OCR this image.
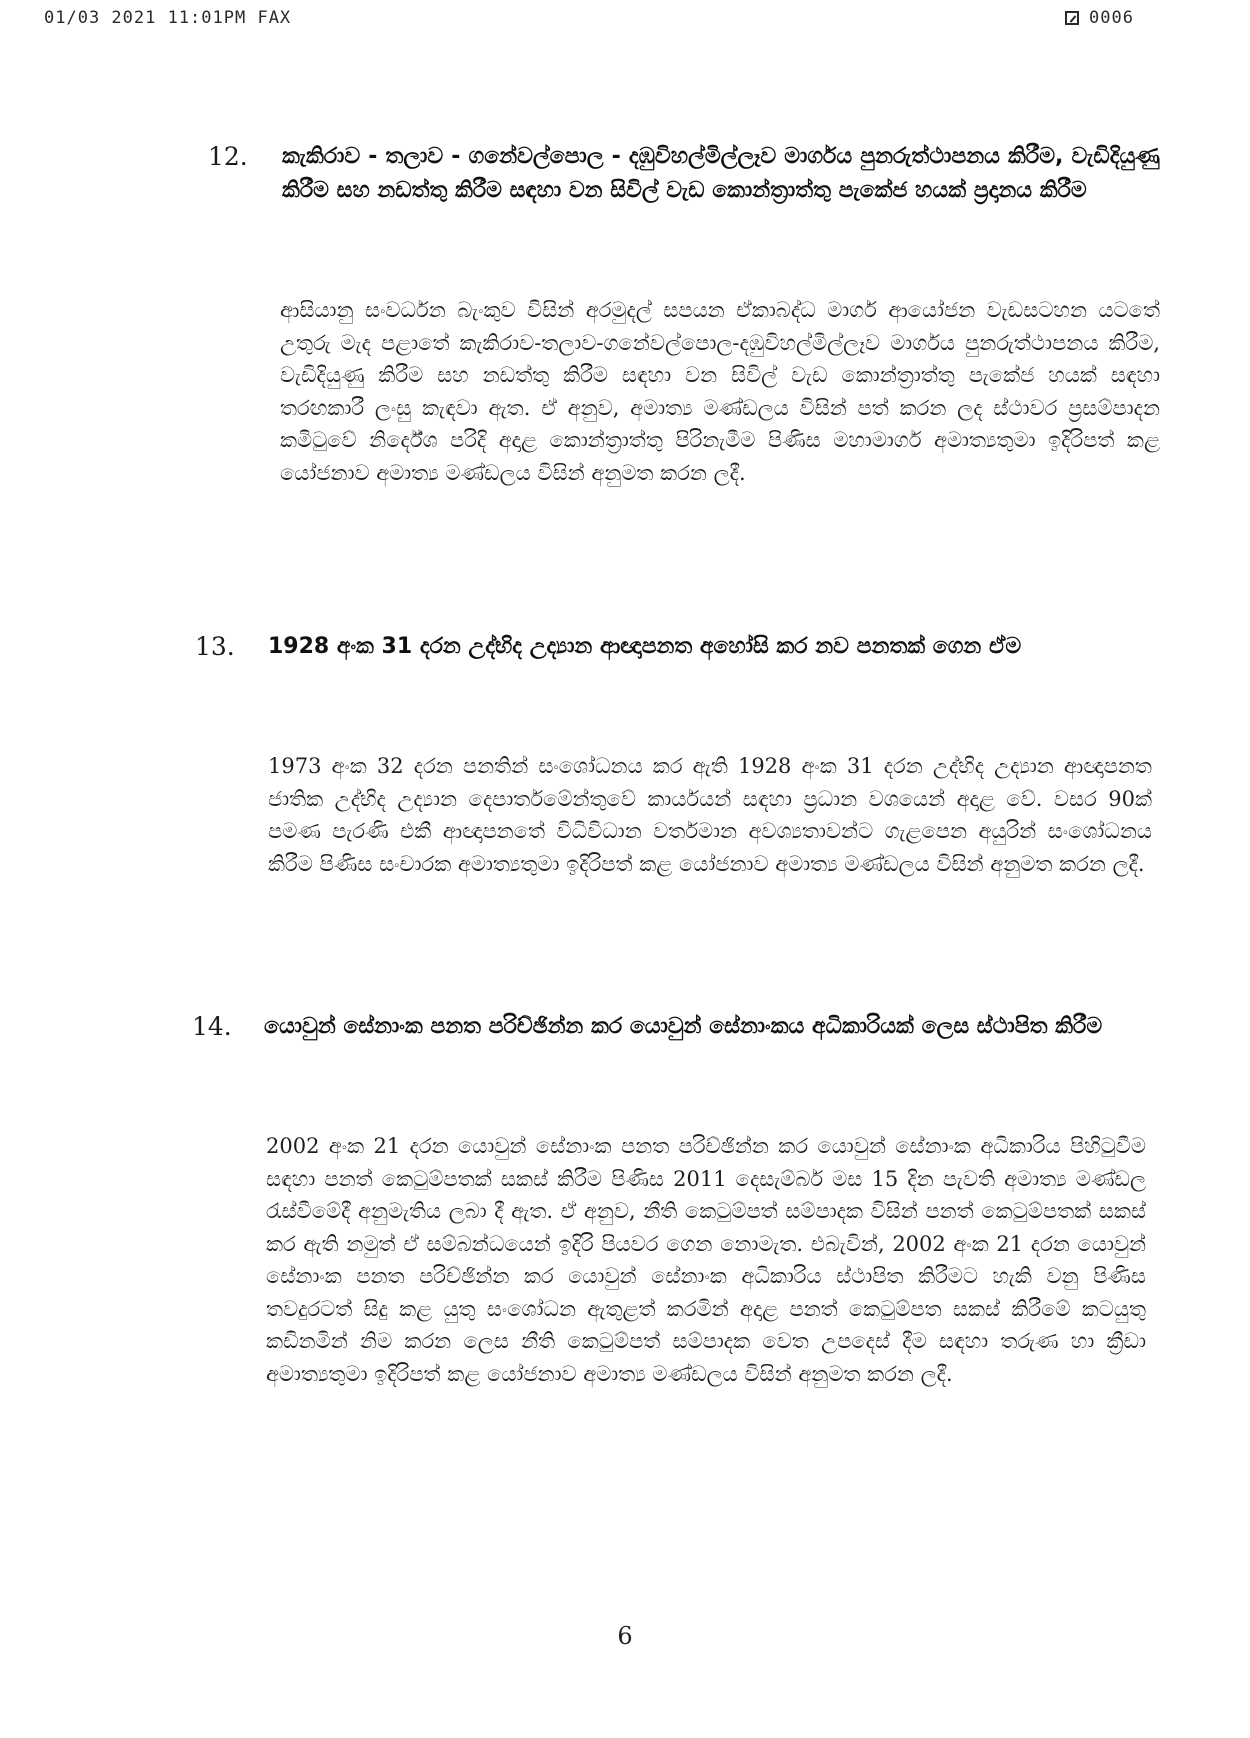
01/03 2021 11:01PM FAX	0006
12. කැකිරාව - තලාව - ගනේවල්පොල - දඹුවිහල්මිල්ලෑව මාර්ගය පුනරුත්ථාපනය කිරීම, වැඩිදියුණු කිරීම සහ නඩත්තු කිරීම සඳහා වන සිවිල් වැඩ කොන්ත්‍රාත්තු පැකේජ හයක් ප්‍රදානය කිරීම
ආසියානු සංවර්ධන බැංකුව විසින් අරමුදල් සපයන ඒකාබද්ධ මාර්ග ආයෝජන වැඩසටහන යටතේ උතුරු මැද පළාතේ කැකිරාව-තලාව-ගනේවල්පොල-දඹුවිහල්මිල්ලෑව මාර්ගය පුනරුත්ථාපනය කිරීම, වැඩිදියුණු කිරීම සහ නඩත්තු කිරීම සඳහා වන සිවිල් වැඩ කොන්ත්‍රාත්තු පැකේජ හයක් සඳහා තරඟකාරී ලංසු කැඳවා ඇත. ඒ අනුව, අමාත්‍ය මණ්ඩලය විසින් පත් කරන ලද ස්ථාවර ප්‍රසම්පාදන කමිටුවේ නිර්දේශ පරිදි අදාළ කොන්ත්‍රාත්තු පිරිනැමීම පිණිස මහාමාර්ග අමාත්‍යතුමා ඉදිරිපත් කළ යෝජනාව අමාත්‍ය මණ්ඩලය විසින් අනුමත කරන ලදී.
13. 1928 අංක 31 දරන උද්භිද උද්‍යාන ආඥාපනත අහෝසි කර නව පනතක් ගෙන ඒම
1973 අංක 32 දරන පනතින් සංශෝධනය කර ඇති 1928 අංක 31 දරන උද්භිද උද්‍යාන ආඥාපනත ජාතික උද්භිද උද්‍යාන දෙපාර්තමේන්තුවේ කාර්යයන් සඳහා ප්‍රධාන වශයෙන් අදාළ වේ. වසර 90ක් පමණ පැරණි එකී ආඥාපනතේ විධිවිධාන වර්තමාන අවශ්‍යතාවන්ට ගැළපෙන අයුරින් සංශෝධනය කිරීම පිණිස සංචාරක අමාත්‍යතුමා ඉදිරිපත් කළ යෝජනාව අමාත්‍ය මණ්ඩලය විසින් අනුමත කරන ලදී.
14. යොවුන් සේනාංක පනත පරිච්ඡින්න කර යොවුන් සේනාංකය අධිකාරියක් ලෙස ස්ථාපිත කිරීම
2002 අංක 21 දරන යොවුන් සේනාංක පනත පරිච්ඡින්න කර යොවුන් සේනාංක අධිකාරිය පිහිටුවීම සඳහා පනත් කෙටුම්පතක් සකස් කිරීම පිණිස 2011 දෙසැම්බර් මස 15 දින පැවති අමාත්‍ය මණ්ඩල රැස්වීමේදී අනුමැතිය ලබා දී ඇත. ඒ අනුව, නීති කෙටුම්පත් සම්පාදක විසින් පනත් කෙටුම්පතක් සකස් කර ඇති නමුත් ඒ සම්බන්ධයෙන් ඉදිරි පියවර ගෙන නොමැත. එබැවින්, 2002 අංක 21 දරන යොවුන් සේනාංක පනත පරිච්ඡින්න කර යොවුන් සේනාංක අධිකාරිය ස්ථාපිත කිරීමට හැකි වනු පිණිස තවදුරටත් සිදු කළ යුතු සංශෝධන ඇතුළත් කරමින් අදාළ පනත් කෙටුම්පත සකස් කිරීමේ කටයුතු කඩිනමින් නිම කරන ලෙස නීති කෙටුම්පත් සම්පාදක වෙත උපදෙස් දීම සඳහා තරුණ හා ක්‍රීඩා අමාත්‍යතුමා ඉදිරිපත් කළ යෝජනාව අමාත්‍ය මණ්ඩලය විසින් අනුමත කරන ලදී.
6
